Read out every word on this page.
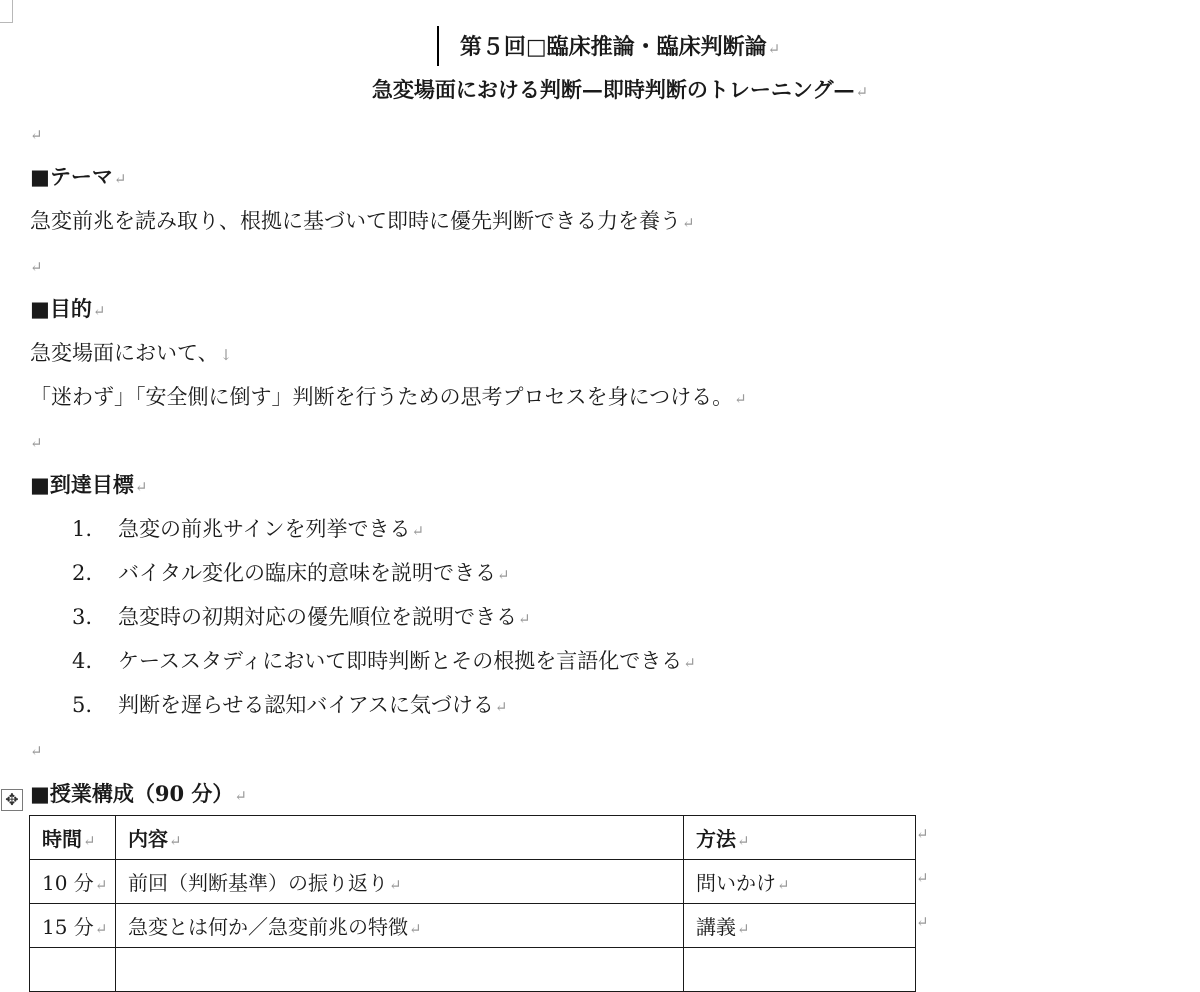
第５回□臨床推論・臨床判断論↵
急変場面における判断—即時判断のトレーニング—↵
↵
■テーマ↵
急変前兆を読み取り、根拠に基づいて即時に優先判断できる力を養う↵
↵
■目的↵
急変場面において、↓
「迷わず」「安全側に倒す」判断を行うための思考プロセスを身につける。↵
↵
■到達目標↵
1. 急変の前兆サインを列挙できる↵
2. バイタル変化の臨床的意味を説明できる↵
3. 急変時の初期対応の優先順位を説明できる↵
4. ケーススタディにおいて即時判断とその根拠を言語化できる↵
5. 判断を遅らせる認知バイアスに気づける↵
↵
✥ ■授業構成（90 分）↵
時間↵	内容↵	方法↵
10 分↵	前回（判断基準）の振り返り↵	問いかけ↵
15 分↵	急変とは何か／急変前兆の特徴↵	講義↵

↵
↵
↵
